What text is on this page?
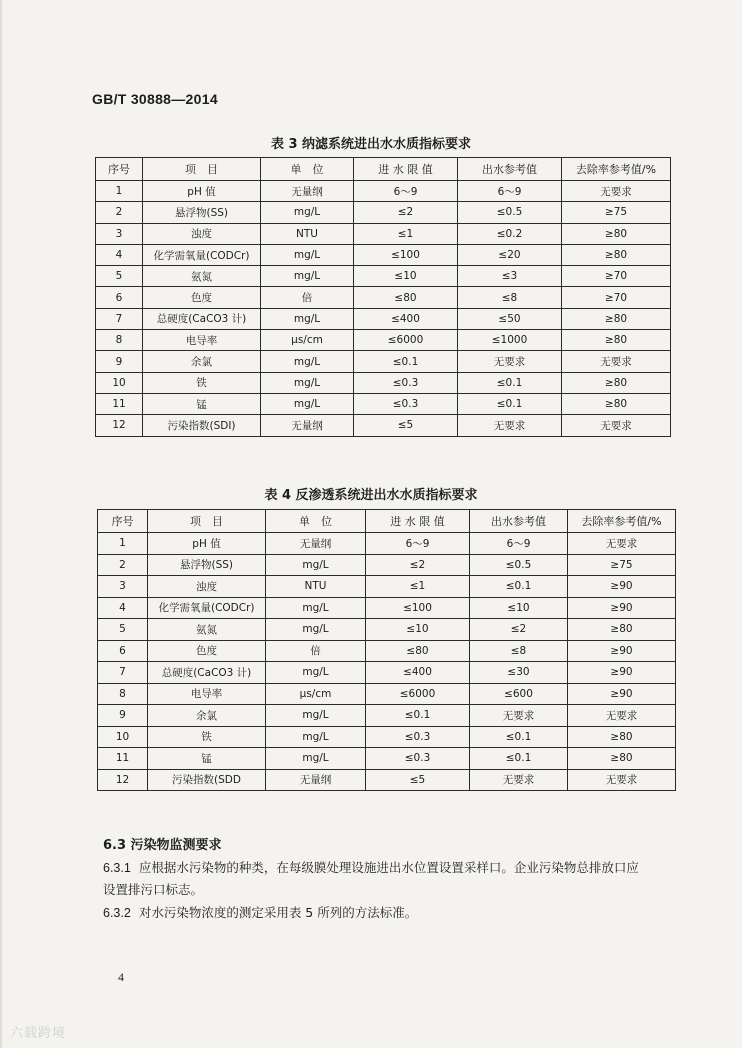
GB/T 30888—2014
表 3 纳滤系统进出水水质指标要求
序号	项　目	单　位	进 水 限 值	出水参考值	去除率参考值/%
1	pH 值	无量纲	6～9	6～9	无要求
2	悬浮物(SS)	mg/L	≤2	≤0.5	≥75
3	浊度	NTU	≤1	≤0.2	≥80
4	化学需氧量(CODCr)	mg/L	≤100	≤20	≥80
5	氨氮	mg/L	≤10	≤3	≥70
6	色度	倍	≤80	≤8	≥70
7	总硬度(CaCO3 计)	mg/L	≤400	≤50	≥80
8	电导率	μs/cm	≤6000	≤1000	≥80
9	余氯	mg/L	≤0.1	无要求	无要求
10	铁	mg/L	≤0.3	≤0.1	≥80
11	锰	mg/L	≤0.3	≤0.1	≥80
12	污染指数(SDI)	无量纲	≤5	无要求	无要求
表 4 反渗透系统进出水水质指标要求
序号	项　目	单　位	进 水 限 值	出水参考值	去除率参考值/%
1	pH 值	无量纲	6～9	6～9	无要求
2	悬浮物(SS)	mg/L	≤2	≤0.5	≥75
3	浊度	NTU	≤1	≤0.1	≥90
4	化学需氧量(CODCr)	mg/L	≤100	≤10	≥90
5	氨氮	mg/L	≤10	≤2	≥80
6	色度	倍	≤80	≤8	≥90
7	总硬度(CaCO3 计)	mg/L	≤400	≤30	≥90
8	电导率	μs/cm	≤6000	≤600	≥90
9	余氯	mg/L	≤0.1	无要求	无要求
10	铁	mg/L	≤0.3	≤0.1	≥80
11	锰	mg/L	≤0.3	≤0.1	≥80
12	污染指数(SDD	无量纲	≤5	无要求	无要求
6.3 污染物监测要求
6.3.1 应根据水污染物的种类，在每级膜处理设施进出水位置设置采样口。企业污染物总排放口应设置排污口标志。
6.3.2 对水污染物浓度的测定采用表 5 所列的方法标准。
4
六载跨境
